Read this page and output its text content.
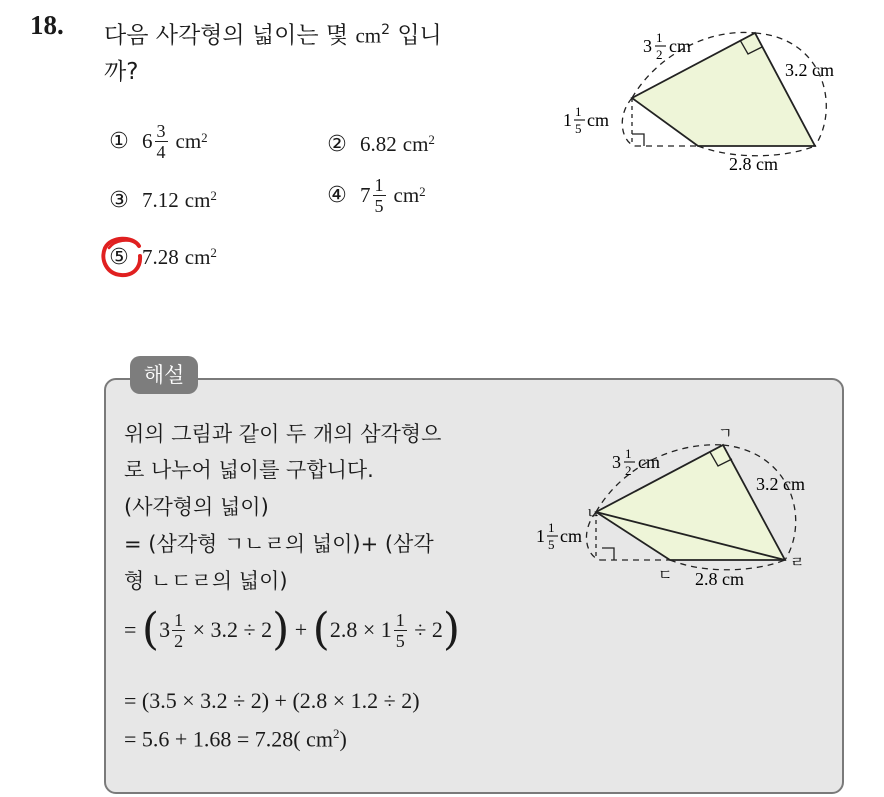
18. 다음 사각형의 넓이는 몇 $cm^2$ 입니
까?
① $6 \frac{3}{4}$ cm 2	② 6.82 $cm^2$
③ 7.12 $cm^2$	④ $7 \frac{1}{5}$ cm 2
⑤ 7.28 $cm^2$
3 1
2 cm
3.2 cm
1 1
5 cm
2.8 cm
해설
위의 그림과 같이 두 개의 삼각형으
로 나누어 넓이를 구합니다.
(사각형의 넓이)
= (삼각형 ㄱㄴㄹ의 넓이)+ (삼각
형 ㄴㄷㄹ의 넓이)
=
( $3 \frac{1}{2}$
× 3.2 ÷ 2 )
+
( $2.8 \times 1 \frac{1}{5}$
÷ 2 )
= (3.5 × 3.2 ÷ 2) + (2.8 × 1.2 ÷ 2)
= 5.6 + 1.68 = 7.28( $cm^2$)
3 1
2 cm
3.2 cm
1 1
5 cm
2.8 cm
ㄱ
ㄴ
ㄷ
ㄹ
